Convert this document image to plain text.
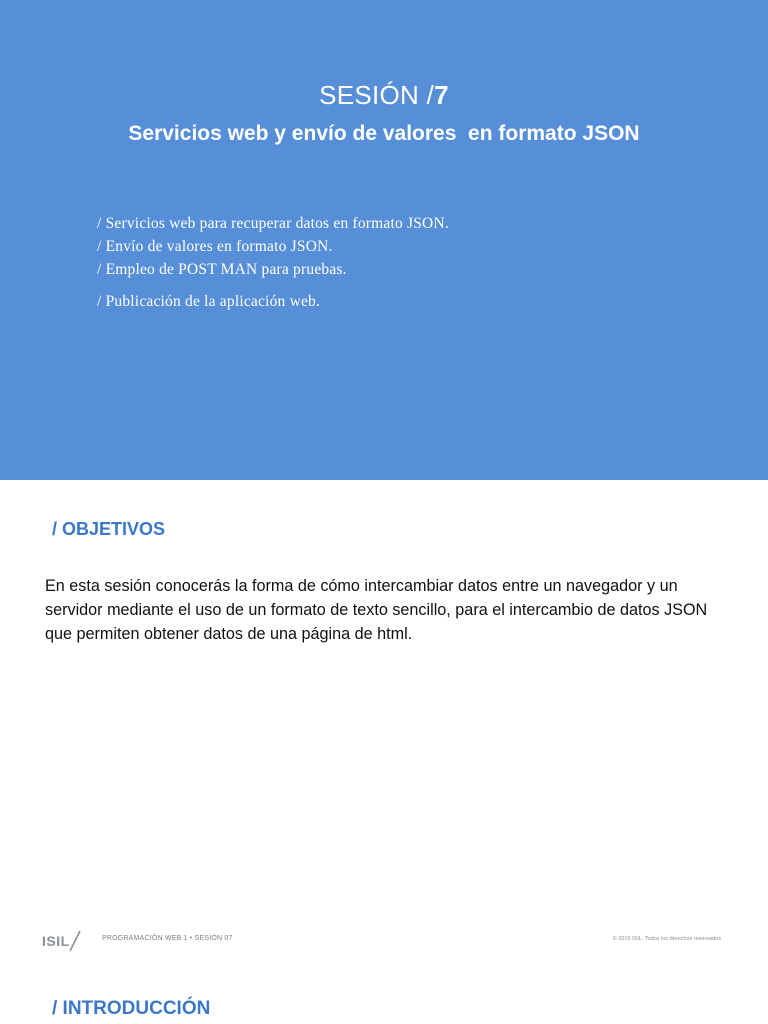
SESIÓN /7
Servicios web y envío de valores  en formato JSON
/ Servicios web para recuperar datos en formato JSON.
/ Envío de valores en formato JSON.
/ Empleo de POST MAN para pruebas.
/ Publicación de la aplicación web.
/ OBJETIVOS

En esta sesión conocerás la forma de cómo intercambiar datos entre un navegador y un servidor mediante el uso de un formato de texto sencillo, para el intercambio de datos JSON que permiten obtener datos de una página de html.

ISIL	PROGRAMACIÓN WEB 1 • SESIÓN 07	© 2019 ISIL. Todos los derechos reservados
/ INTRODUCCIÓN
